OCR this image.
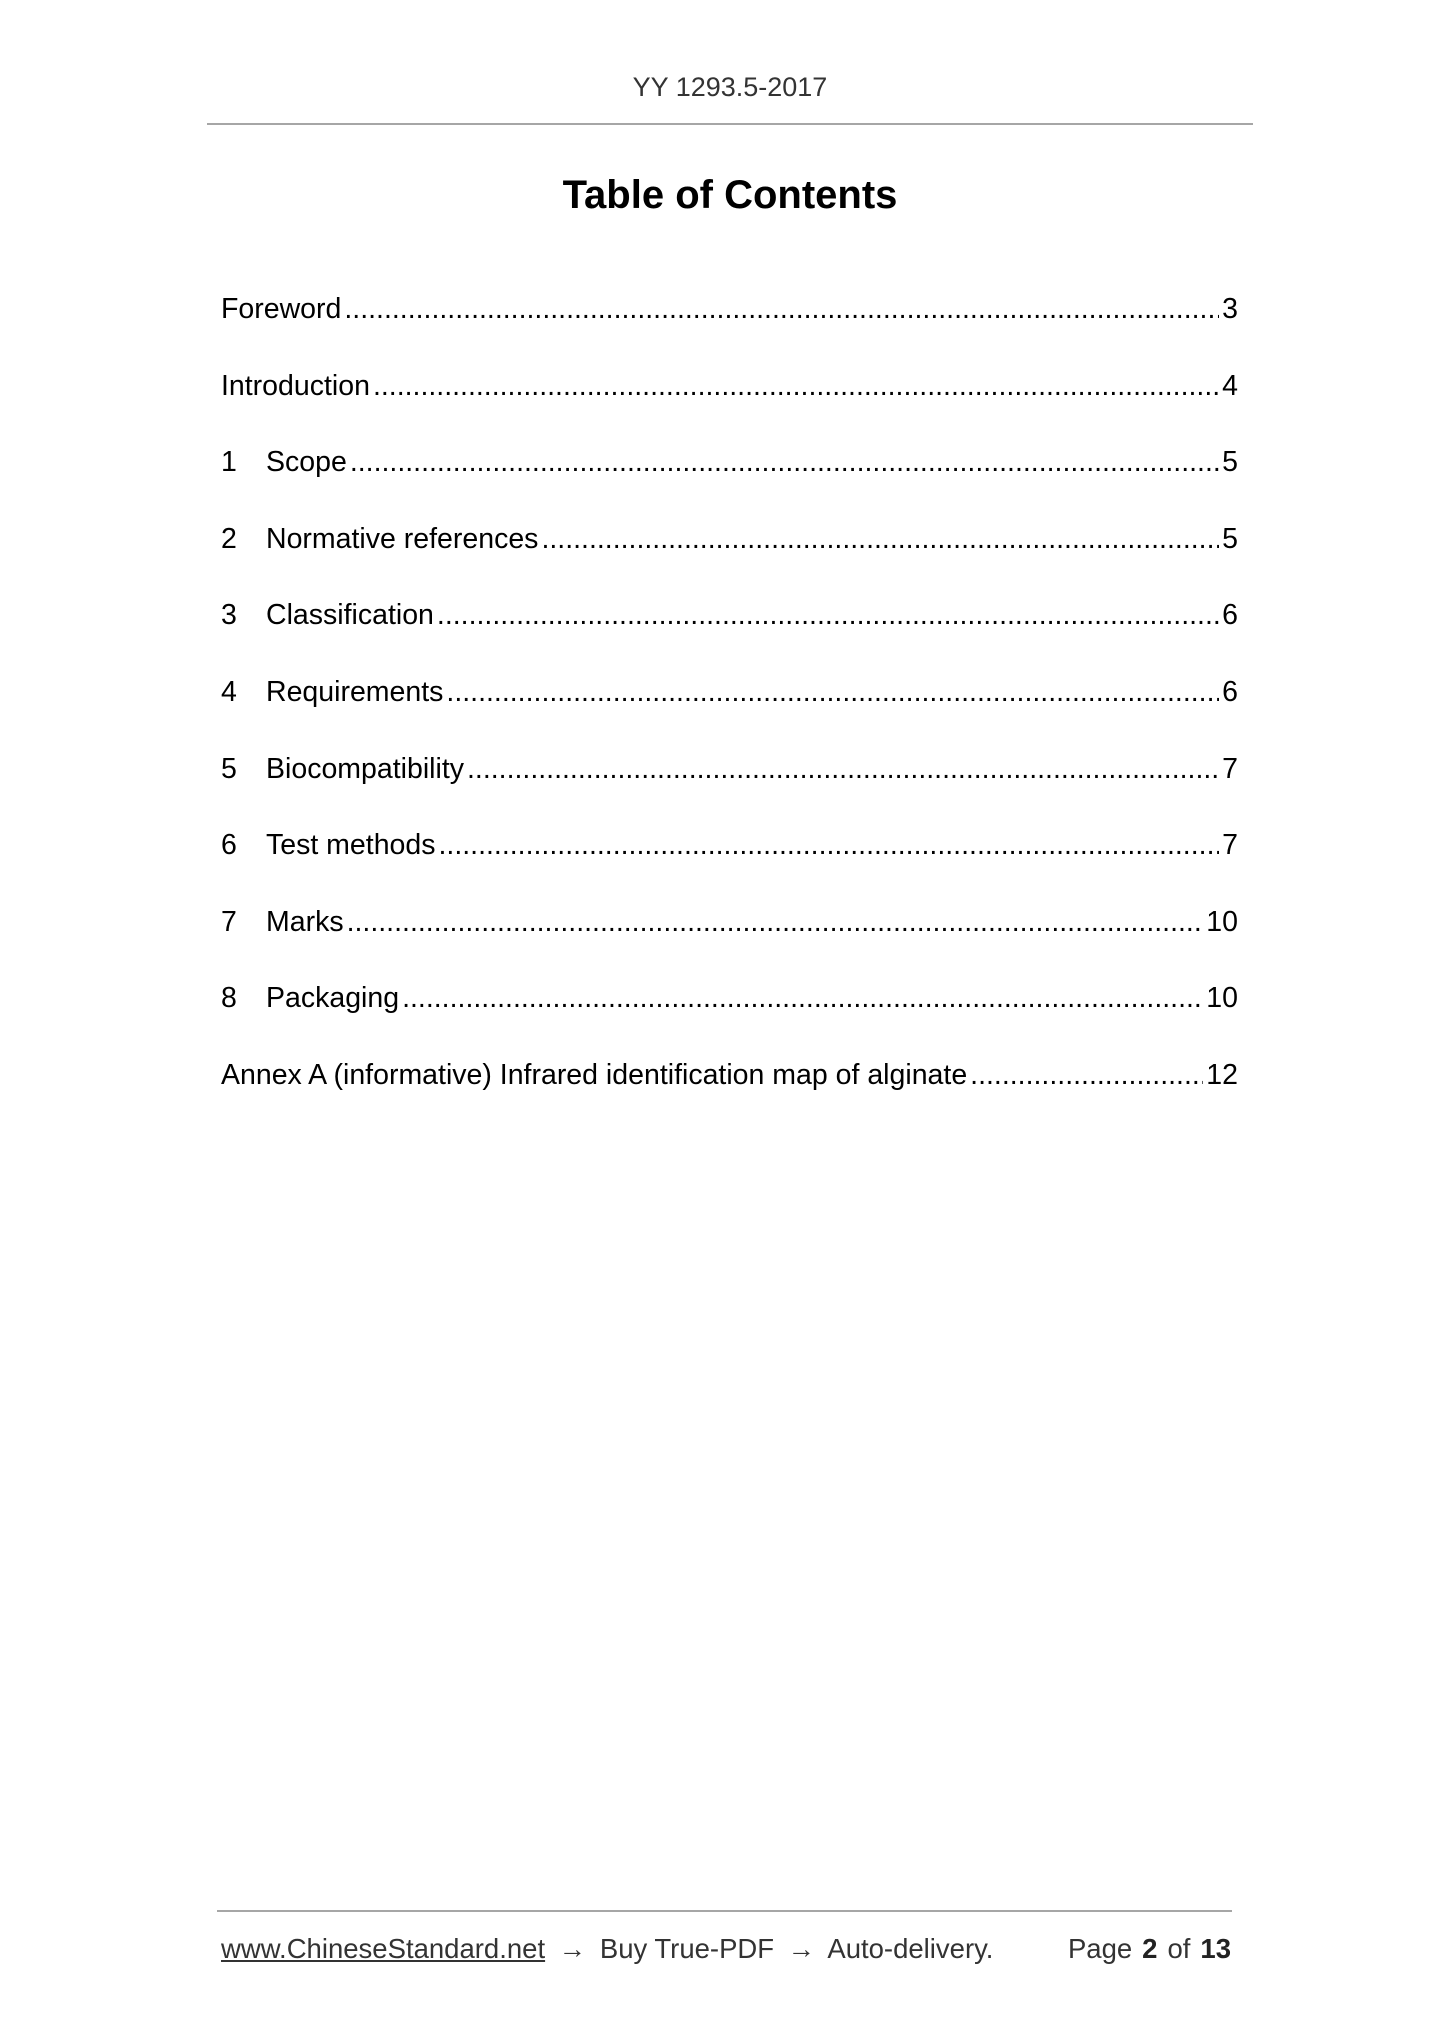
YY 1293.5-2017
Table of Contents
Foreword .....	3
Introduction .....	4
1	Scope .....	5
2	Normative references .....	5
3	Classification .....	6
4	Requirements .....	6
5	Biocompatibility .....	7
6	Test methods .....	7
7	Marks .....	10
8	Packaging .....	10
Annex A (informative) Infrared identification map of alginate .....	12
www.ChineseStandard.net → Buy True-PDF → Auto-delivery.	Page 2 of 13
